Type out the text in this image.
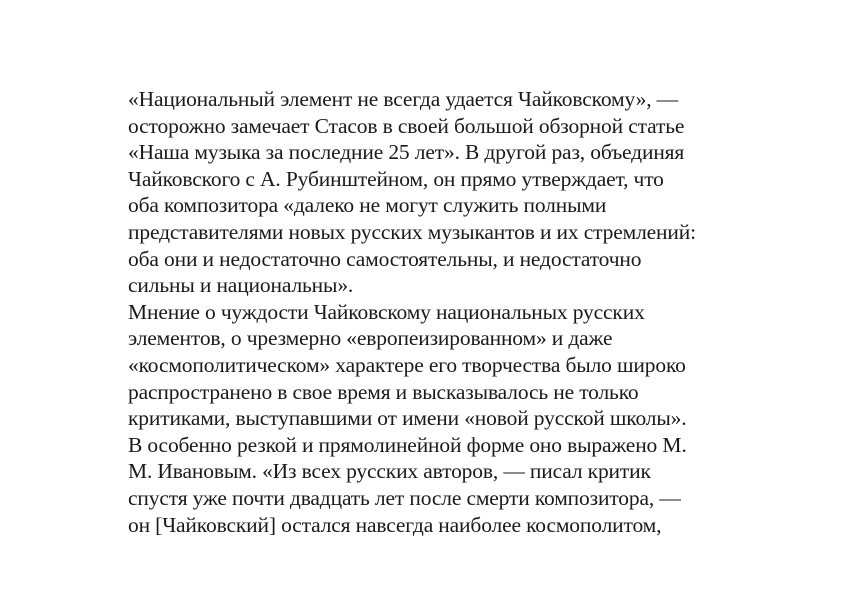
«Национальный элемент не всегда удается Чайковскому», —
осторожно замечает Стасов в своей большой обзорной статье
«Наша музыка за последние 25 лет». В другой раз, объединяя
Чайковского с А. Рубинштейном, он прямо утверждает, что
оба композитора «далеко не могут служить полными
представителями новых русских музыкантов и их стремлений:
оба они и недостаточно самостоятельны, и недостаточно
сильны и национальны».
Мнение о чуждости Чайковскому национальных русских
элементов, о чрезмерно «европеизированном» и даже
«космополитическом» характере его творчества было широко
распространено в свое время и высказывалось не только
критиками, выступавшими от имени «новой русской школы».
В особенно резкой и прямолинейной форме оно выражено М.
М. Ивановым. «Из всех русских авторов, — писал критик
спустя уже почти двадцать лет после смерти композитора, —
он [Чайковский] остался навсегда наиболее космополитом,
